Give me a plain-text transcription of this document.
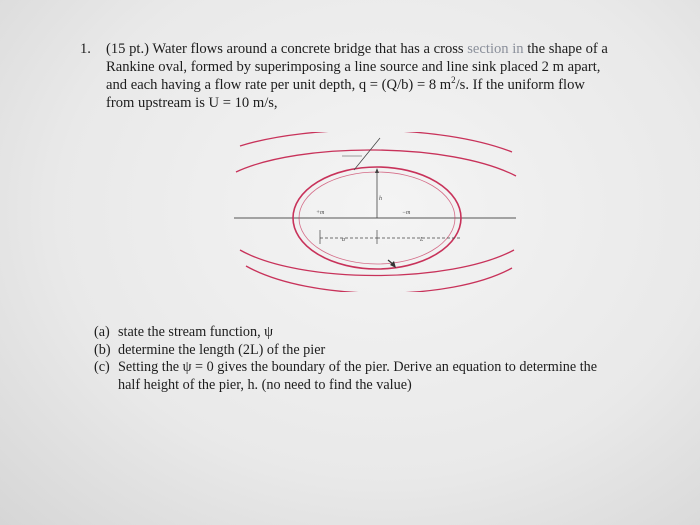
1. (15 pt.) Water flows around a concrete bridge that has a cross section in the shape of a
Rankine oval, formed by superimposing a line source and line sink placed 2 m apart,
and each having a flow rate per unit depth, q = (Q/b) = 8 $m^2/s$. If the uniform flow
from upstream is U = 10 m/s,
h
+m	−m
a	L
(a) state the stream function, ψ
(b) determine the length (2L) of the pier
(c) Setting the ψ = 0 gives the boundary of the pier. Derive an equation to determine the
half height of the pier, h. (no need to find the value)
